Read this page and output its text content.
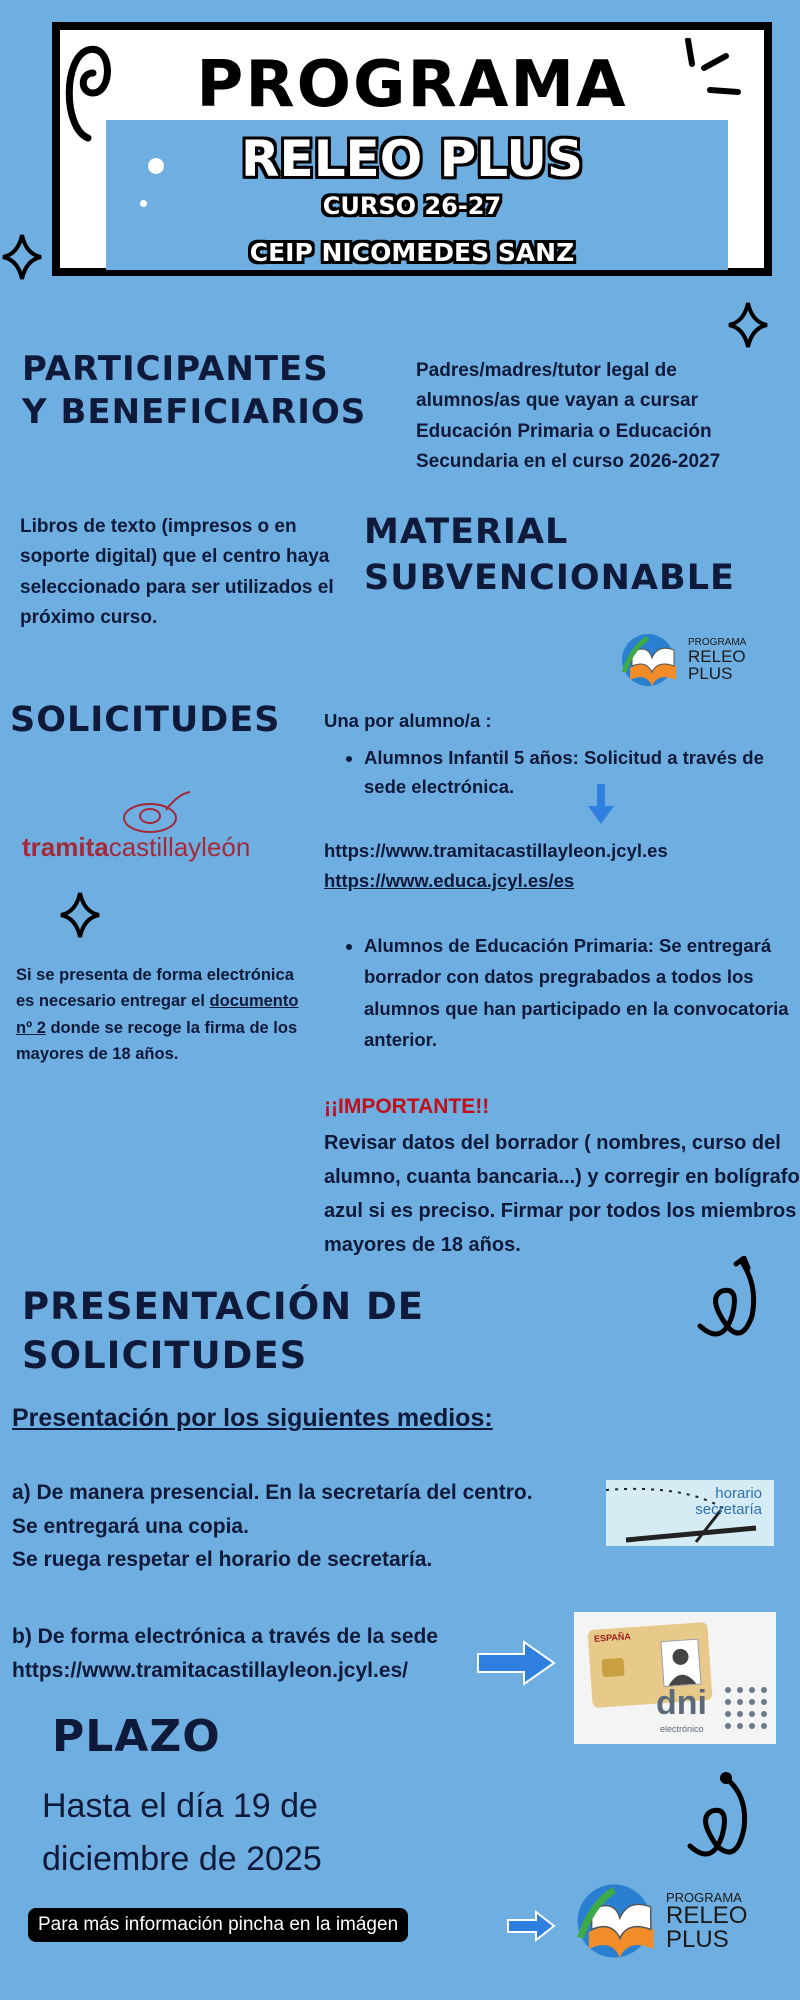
PROGRAMA
RELEO PLUS
CURSO 26-27
CEIP NICOMEDES SANZ
PARTICIPANTES
Y BENEFICIARIOS
Padres/madres/tutor legal de alumnos/as que vayan a cursar Educación Primaria o Educación Secundaria en el curso 2026-2027
Libros de texto (impresos o en soporte digital) que el centro haya seleccionado para ser utilizados el próximo curso.
MATERIAL
SUBVENCIONABLE
PROGRAMA
RELEO
PLUS
SOLICITUDES Una por alumno/a :
• Alumnos Infantil 5 años: Solicitud a través de sede electrónica.
https://www.tramitacastillayleon.jcyl.es
https://www.educa.jcyl.es/es
• Alumnos de Educación Primaria: Se entregará borrador con datos pregrabados a todos los alumnos que han participado en la convocatoria anterior.
¡¡IMPORTANTE!!
Revisar datos del borrador ( nombres, curso del alumno, cuanta bancaria...) y corregir en bolígrafo azul si es preciso. Firmar por todos los miembros mayores de 18 años.
tramitacastillayleón
Si se presenta de forma electrónica es necesario entregar el documento nº 2 donde se recoge la firma de los mayores de 18 años.
PRESENTACIÓN DE
SOLICITUDES
Presentación por los siguientes medios:
a) De manera presencial. En la secretaría del centro.
Se entregará una copia.
Se ruega respetar el horario de secretaría.
horario
secretaría
b) De forma electrónica a través de la sede
https://www.tramitacastillayleon.jcyl.es/
ESPAÑA
dni
electrónico
PLAZO
Hasta el día 19 de
diciembre de 2025
Para más información pincha en la imágen
PROGRAMA
RELEO
PLUS
